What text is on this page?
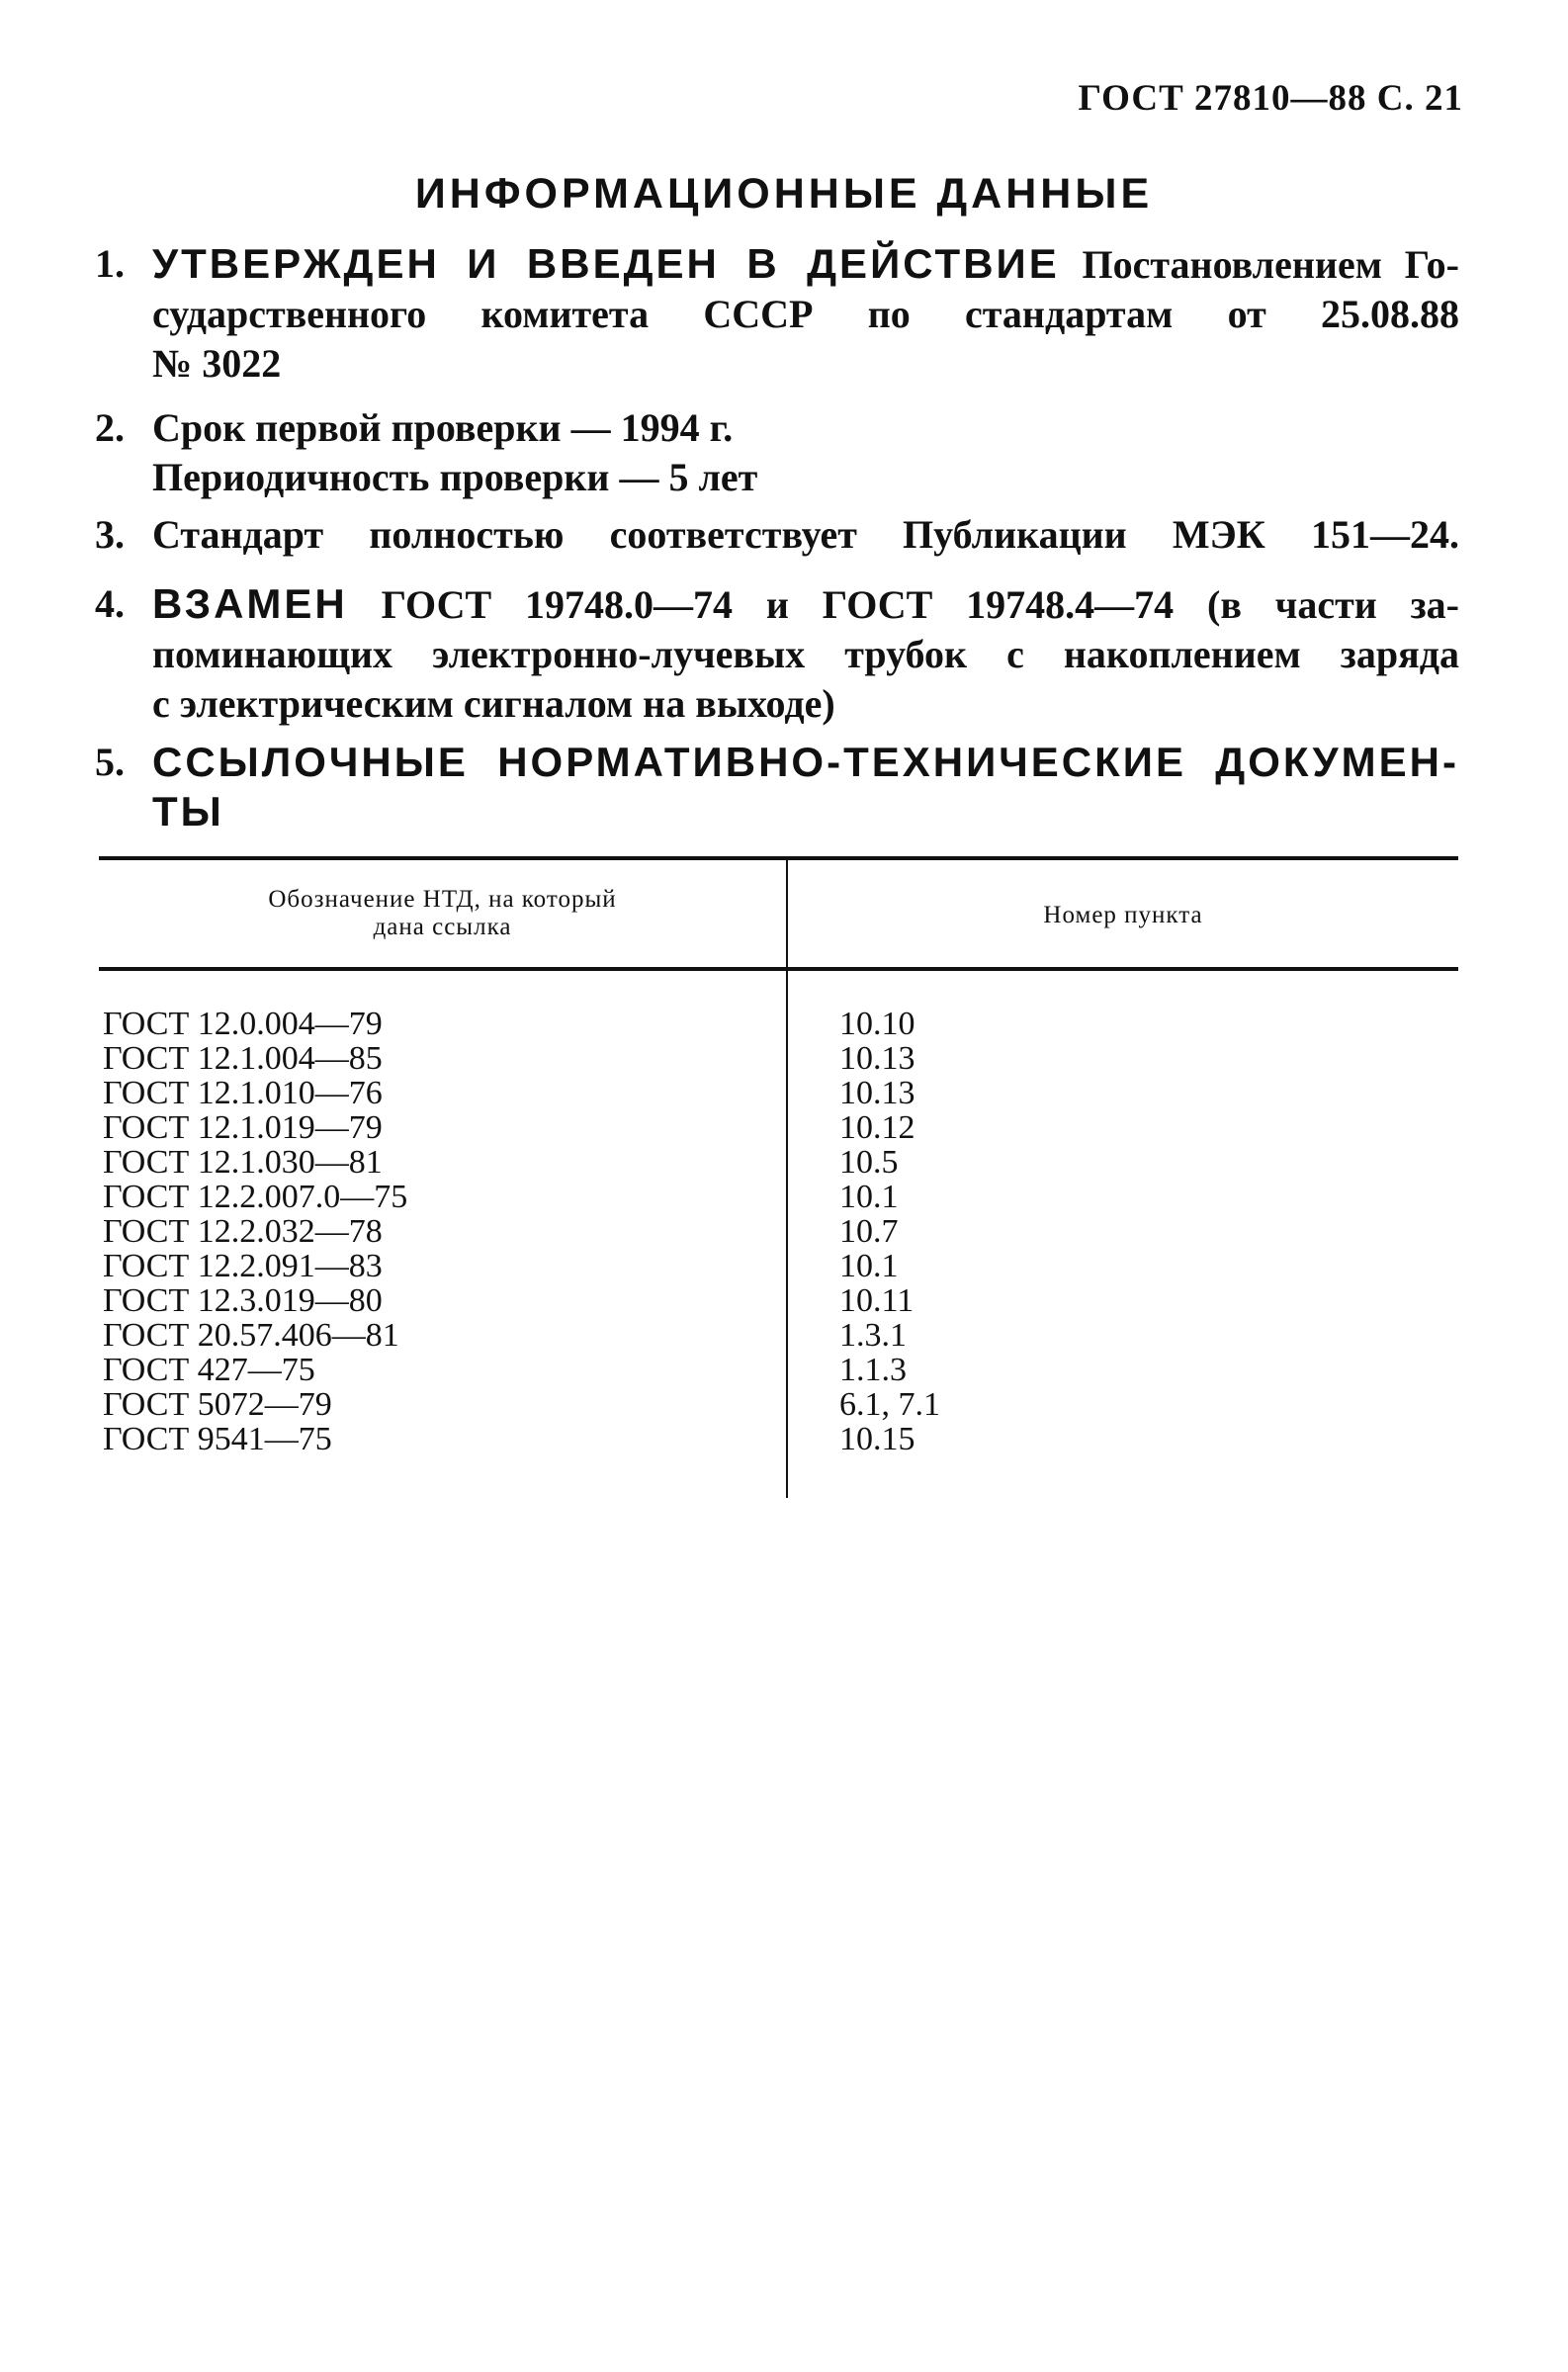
ГОСТ 27810—88 С. 21
ИНФОРМАЦИОННЫЕ ДАННЫЕ
1. УТВЕРЖДЕН И ВВЕДЕН В ДЕЙСТВИЕ Постановлением Го-
сударственного комитета СССР по стандартам от 25.08.88
№ 3022
2. Срок первой проверки — 1994 г.
Периодичность проверки — 5 лет
3. Стандарт полностью соответствует Публикации МЭК 151—24.
4. ВЗАМЕН ГОСТ 19748.0—74 и ГОСТ 19748.4—74 (в части за-
поминающих электронно-лучевых трубок с накоплением заряда
с электрическим сигналом на выходе)
5. ССЫЛОЧНЫЕ НОРМАТИВНО-ТЕХНИЧЕСКИЕ ДОКУМЕН-
ТЫ
Обозначение НТД, на который
дана ссылка	Номер пункта
ГОСТ 12.0.004—79	10.10
ГОСТ 12.1.004—85	10.13
ГОСТ 12.1.010—76	10.13
ГОСТ 12.1.019—79	10.12
ГОСТ 12.1.030—81	10.5
ГОСТ 12.2.007.0—75	10.1
ГОСТ 12.2.032—78	10.7
ГОСТ 12.2.091—83	10.1
ГОСТ 12.3.019—80	10.11
ГОСТ 20.57.406—81	1.3.1
ГОСТ 427—75	1.1.3
ГОСТ 5072—79	6.1, 7.1
ГОСТ 9541—75	10.15
